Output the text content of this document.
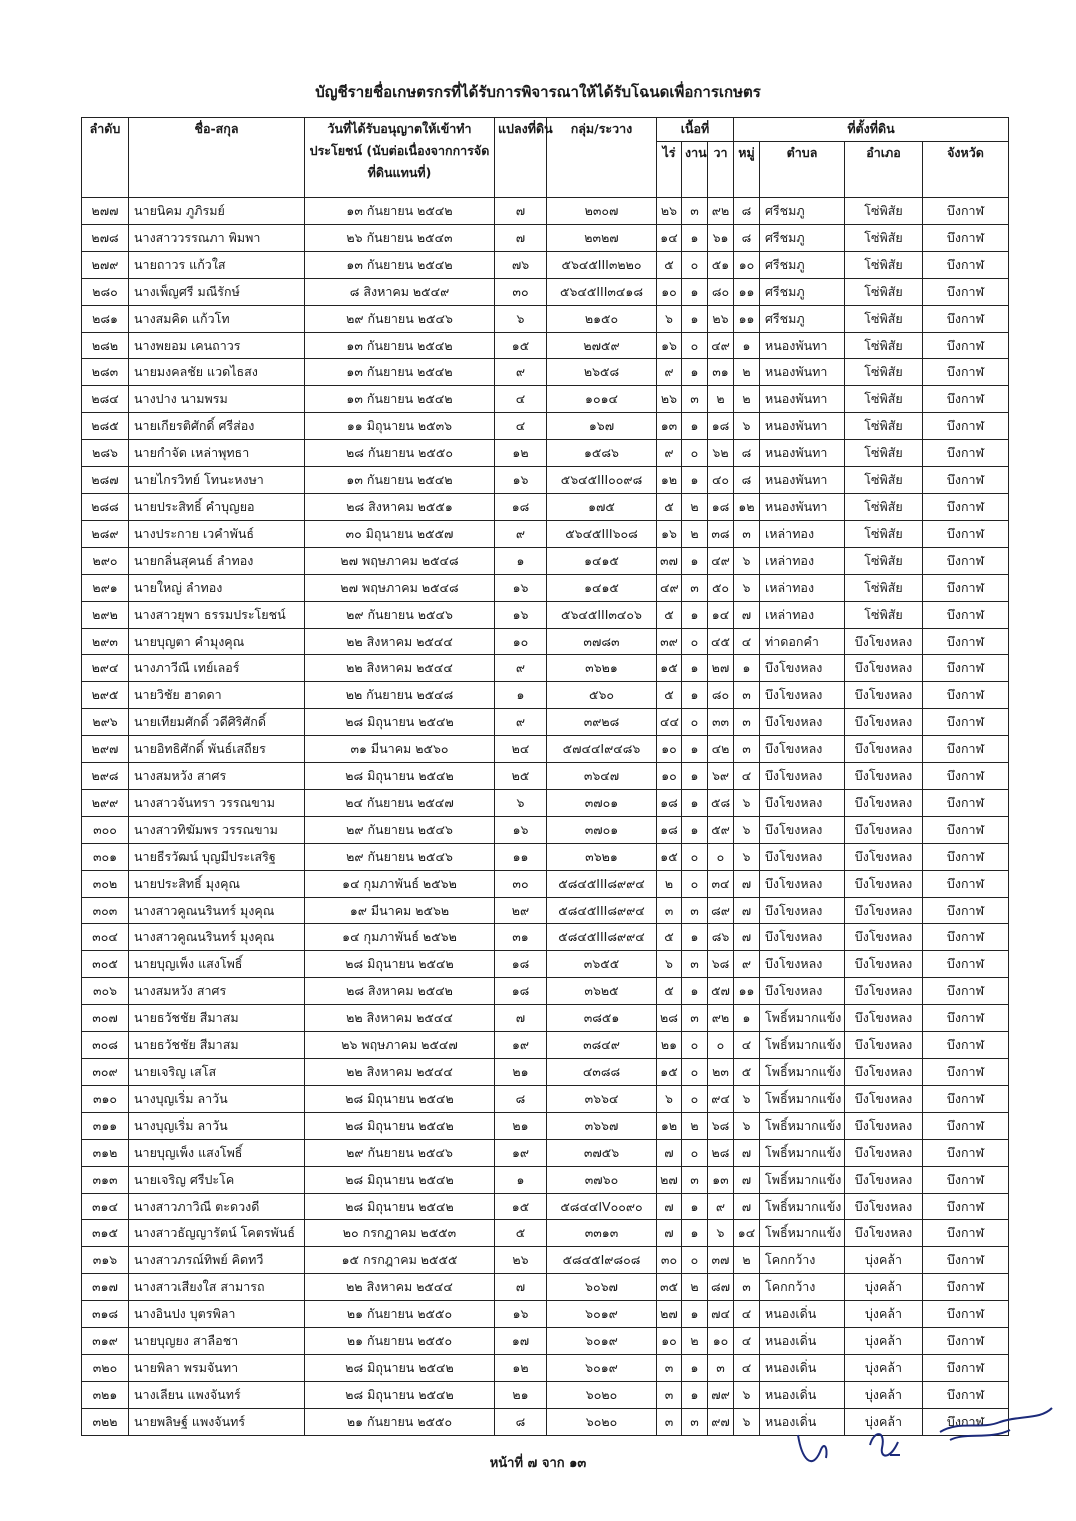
บัญชีรายชื่อเกษตรกรที่ได้รับการพิจารณาให้ได้รับโฉนดเพื่อการเกษตร
ลำดับ	ชื่อ-สกุล	วันที่ได้รับอนุญาตให้เข้าทำประโยชน์ (นับต่อเนื่องจากการจัดที่ดินแทนที่)	แปลงที่ดิน	กลุ่ม/ระวาง	เนื้อที่			ที่ตั้งที่ดิน			
					ไร่	งาน	วา	หมู่	ตำบล	อำเภอ	จังหวัด
๒๗๗	นายนิคม ภูภิรมย์	๑๓ กันยายน ๒๕๔๒	๗	๒๓๐๗	๒๖	๓	๙๒	๘	ศรีชมภู	โซ่พิสัย	บึงกาฬ
๒๗๘	นางสาววรรณภา พิมพา	๒๖ กันยายน ๒๕๔๓	๗	๒๓๒๗	๑๔	๑	๖๑	๘	ศรีชมภู	โซ่พิสัย	บึงกาฬ
๒๗๙	นายถาวร แก้วใส	๑๓ กันยายน ๒๕๔๒	๗๖	๕๖๔๕III๓๒๒๐	๕	๐	๕๑	๑๐	ศรีชมภู	โซ่พิสัย	บึงกาฬ
๒๘๐	นางเพ็ญศรี มณีรักษ์	๘ สิงหาคม ๒๕๔๙	๓๐	๕๖๔๕III๓๔๑๘	๑๐	๑	๘๐	๑๑	ศรีชมภู	โซ่พิสัย	บึงกาฬ
๒๘๑	นางสมคิด แก้วโท	๒๙ กันยายน ๒๕๔๖	๖	๒๑๕๐	๖	๑	๒๖	๑๑	ศรีชมภู	โซ่พิสัย	บึงกาฬ
๒๘๒	นางพยอม เคนถาวร	๑๓ กันยายน ๒๕๔๒	๑๕	๒๗๕๙	๑๖	๐	๔๙	๑	หนองพันทา	โซ่พิสัย	บึงกาฬ
๒๘๓	นายมงคลชัย แวดไธสง	๑๓ กันยายน ๒๕๔๒	๙	๒๖๕๘	๙	๑	๓๑	๒	หนองพันทา	โซ่พิสัย	บึงกาฬ
๒๘๔	นางปาง นามพรม	๑๓ กันยายน ๒๕๔๒	๔	๑๐๑๔	๒๖	๓	๒	๒	หนองพันทา	โซ่พิสัย	บึงกาฬ
๒๘๕	นายเกียรติศักดิ์ ศรีส่อง	๑๑ มิถุนายน ๒๕๓๖	๔	๑๖๗	๑๓	๑	๑๘	๖	หนองพันทา	โซ่พิสัย	บึงกาฬ
๒๘๖	นายกำจัด เหล่าพุทธา	๒๘ กันยายน ๒๕๕๐	๑๒	๑๕๘๖	๙	๐	๖๒	๘	หนองพันทา	โซ่พิสัย	บึงกาฬ
๒๘๗	นายไกรวิทย์ โทนะหงษา	๑๓ กันยายน ๒๕๔๒	๑๖	๕๖๔๕III๐๐๙๘	๑๒	๑	๔๐	๘	หนองพันทา	โซ่พิสัย	บึงกาฬ
๒๘๘	นายประสิทธิ์ คำบุญยอ	๒๘ สิงหาคม ๒๕๕๑	๑๘	๑๗๕	๕	๒	๑๘	๑๒	หนองพันทา	โซ่พิสัย	บึงกาฬ
๒๘๙	นางประกาย เวคำพันธ์	๓๐ มิถุนายน ๒๕๕๗	๙	๕๖๔๕III๖๐๘	๑๖	๒	๓๘	๓	เหล่าทอง	โซ่พิสัย	บึงกาฬ
๒๙๐	นายกลิ่นสุคนธ์ ลำทอง	๒๗ พฤษภาคม ๒๕๔๘	๑	๑๔๑๕	๓๗	๑	๔๙	๖	เหล่าทอง	โซ่พิสัย	บึงกาฬ
๒๙๑	นายใหญ่ ลำทอง	๒๗ พฤษภาคม ๒๕๔๘	๑๖	๑๔๑๕	๔๙	๓	๕๐	๖	เหล่าทอง	โซ่พิสัย	บึงกาฬ
๒๙๒	นางสาวยุพา ธรรมประโยชน์	๒๙ กันยายน ๒๕๔๖	๑๖	๕๖๔๕III๓๔๐๖	๕	๑	๑๔	๗	เหล่าทอง	โซ่พิสัย	บึงกาฬ
๒๙๓	นายบุญตา คำมุงคุณ	๒๒ สิงหาคม ๒๕๔๔	๑๐	๓๗๘๓	๓๙	๐	๔๕	๔	ท่าดอกคำ	บึงโขงหลง	บึงกาฬ
๒๙๔	นางภาวีณี เทย์เลอร์	๒๒ สิงหาคม ๒๕๔๔	๙	๓๖๒๑	๑๕	๑	๒๗	๑	บึงโขงหลง	บึงโขงหลง	บึงกาฬ
๒๙๕	นายวิชัย ฮาดดา	๒๒ กันยายน ๒๕๔๘	๑	๕๖๐	๕	๑	๘๐	๓	บึงโขงหลง	บึงโขงหลง	บึงกาฬ
๒๙๖	นายเทียมศักดิ์ วดีศิริศักดิ์	๒๘ มิถุนายน ๒๕๔๒	๙	๓๙๒๘	๔๔	๐	๓๓	๓	บึงโขงหลง	บึงโขงหลง	บึงกาฬ
๒๙๗	นายอิทธิศักดิ์ พันธ์เสถียร	๓๑ มีนาคม ๒๕๖๐	๒๔	๕๗๔๔I๙๔๘๖	๑๐	๑	๔๒	๓	บึงโขงหลง	บึงโขงหลง	บึงกาฬ
๒๙๘	นางสมหวัง สาศร	๒๘ มิถุนายน ๒๕๔๒	๒๕	๓๖๔๗	๑๐	๑	๖๙	๔	บึงโขงหลง	บึงโขงหลง	บึงกาฬ
๒๙๙	นางสาวจันทรา วรรณขาม	๒๔ กันยายน ๒๕๔๗	๖	๓๗๐๑	๑๘	๑	๕๘	๖	บึงโขงหลง	บึงโขงหลง	บึงกาฬ
๓๐๐	นางสาวทิฆัมพร วรรณขาม	๒๙ กันยายน ๒๕๔๖	๑๖	๓๗๐๑	๑๘	๑	๕๙	๖	บึงโขงหลง	บึงโขงหลง	บึงกาฬ
๓๐๑	นายธีรวัฒน์ บุญมีประเสริฐ	๒๙ กันยายน ๒๕๔๖	๑๑	๓๖๒๑	๑๕	๐	๐	๖	บึงโขงหลง	บึงโขงหลง	บึงกาฬ
๓๐๒	นายประสิทธิ์ มุงคุณ	๑๔ กุมภาพันธ์ ๒๕๖๒	๓๐	๕๘๔๕III๘๙๙๔	๒	๐	๓๔	๗	บึงโขงหลง	บึงโขงหลง	บึงกาฬ
๓๐๓	นางสาวคูณนรินทร์ มุงคุณ	๑๙ มีนาคม ๒๕๖๒	๒๙	๕๘๔๕III๘๙๙๔	๓	๓	๘๙	๗	บึงโขงหลง	บึงโขงหลง	บึงกาฬ
๓๐๔	นางสาวคูณนรินทร์ มุงคุณ	๑๔ กุมภาพันธ์ ๒๕๖๒	๓๑	๕๘๔๕III๘๙๙๔	๕	๑	๘๖	๗	บึงโขงหลง	บึงโขงหลง	บึงกาฬ
๓๐๕	นายบุญเพ็ง แสงโพธิ์	๒๘ มิถุนายน ๒๕๔๒	๑๘	๓๖๕๕	๖	๓	๖๘	๙	บึงโขงหลง	บึงโขงหลง	บึงกาฬ
๓๐๖	นางสมหวัง สาศร	๒๘ สิงหาคม ๒๕๔๒	๑๘	๓๖๒๕	๕	๑	๕๗	๑๑	บึงโขงหลง	บึงโขงหลง	บึงกาฬ
๓๐๗	นายธวัชชัย สีมาสม	๒๒ สิงหาคม ๒๕๔๔	๗	๓๘๕๑	๒๘	๓	๙๒	๑	โพธิ์หมากแข้ง	บึงโขงหลง	บึงกาฬ
๓๐๘	นายธวัชชัย สีมาสม	๒๖ พฤษภาคม ๒๕๔๗	๑๙	๓๘๔๙	๒๑	๐	๐	๔	โพธิ์หมากแข้ง	บึงโขงหลง	บึงกาฬ
๓๐๙	นายเจริญ เสโส	๒๒ สิงหาคม ๒๕๔๔	๒๑	๔๓๘๘	๑๕	๐	๒๓	๕	โพธิ์หมากแข้ง	บึงโขงหลง	บึงกาฬ
๓๑๐	นางบุญเริ่ม ลาวัน	๒๘ มิถุนายน ๒๕๔๒	๘	๓๖๖๔	๖	๐	๙๔	๖	โพธิ์หมากแข้ง	บึงโขงหลง	บึงกาฬ
๓๑๑	นางบุญเริ่ม ลาวัน	๒๘ มิถุนายน ๒๕๔๒	๒๑	๓๖๖๗	๑๒	๒	๖๘	๖	โพธิ์หมากแข้ง	บึงโขงหลง	บึงกาฬ
๓๑๒	นายบุญเพ็ง แสงโพธิ์	๒๙ กันยายน ๒๕๔๖	๑๙	๓๗๕๖	๗	๐	๒๘	๗	โพธิ์หมากแข้ง	บึงโขงหลง	บึงกาฬ
๓๑๓	นายเจริญ ศรีปะโค	๒๘ มิถุนายน ๒๕๔๒	๑	๓๗๖๐	๒๗	๓	๑๓	๗	โพธิ์หมากแข้ง	บึงโขงหลง	บึงกาฬ
๓๑๔	นางสาวภาวิณี ตะดวงดี	๒๘ มิถุนายน ๒๕๔๒	๑๕	๕๘๔๔IV๐๐๙๐	๗	๑	๙	๗	โพธิ์หมากแข้ง	บึงโขงหลง	บึงกาฬ
๓๑๕	นางสาวธัญญารัตน์ โคตรพันธ์	๒๐ กรกฎาคม ๒๕๕๓	๕	๓๓๑๓	๗	๑	๖	๑๔	โพธิ์หมากแข้ง	บึงโขงหลง	บึงกาฬ
๓๑๖	นางสาวภรณ์ทิพย์ คิดทวี	๑๕ กรกฎาคม ๒๕๕๕	๒๖	๕๘๔๕I๙๘๐๘	๓๐	๐	๓๗	๒	โคกกว้าง	บุ่งคล้า	บึงกาฬ
๓๑๗	นางสาวเสียงใส สามารถ	๒๒ สิงหาคม ๒๕๔๔	๗	๖๐๖๗	๓๕	๒	๘๗	๓	โคกกว้าง	บุ่งคล้า	บึงกาฬ
๓๑๘	นางอินปง บุตรพิลา	๒๑ กันยายน ๒๕๕๐	๑๖	๖๐๑๙	๒๗	๑	๗๔	๔	หนองเดิ่น	บุ่งคล้า	บึงกาฬ
๓๑๙	นายบุญยง สาลือชา	๒๑ กันยายน ๒๕๕๐	๑๗	๖๐๑๙	๑๐	๒	๑๐	๔	หนองเดิ่น	บุ่งคล้า	บึงกาฬ
๓๒๐	นายพิลา พรมจันทา	๒๘ มิถุนายน ๒๕๔๒	๑๒	๖๐๑๙	๓	๑	๓	๔	หนองเดิ่น	บุ่งคล้า	บึงกาฬ
๓๒๑	นางเลียน แพงจันทร์	๒๘ มิถุนายน ๒๕๔๒	๒๑	๖๐๒๐	๓	๑	๗๙	๖	หนองเดิ่น	บุ่งคล้า	บึงกาฬ
๓๒๒	นายพลิษฐ์ แพงจันทร์	๒๑ กันยายน ๒๕๕๐	๘	๖๐๒๐	๓	๓	๙๗	๖	หนองเดิ่น	บุ่งคล้า	บึงกาฬ
หน้าที่ ๗ จาก ๑๓
